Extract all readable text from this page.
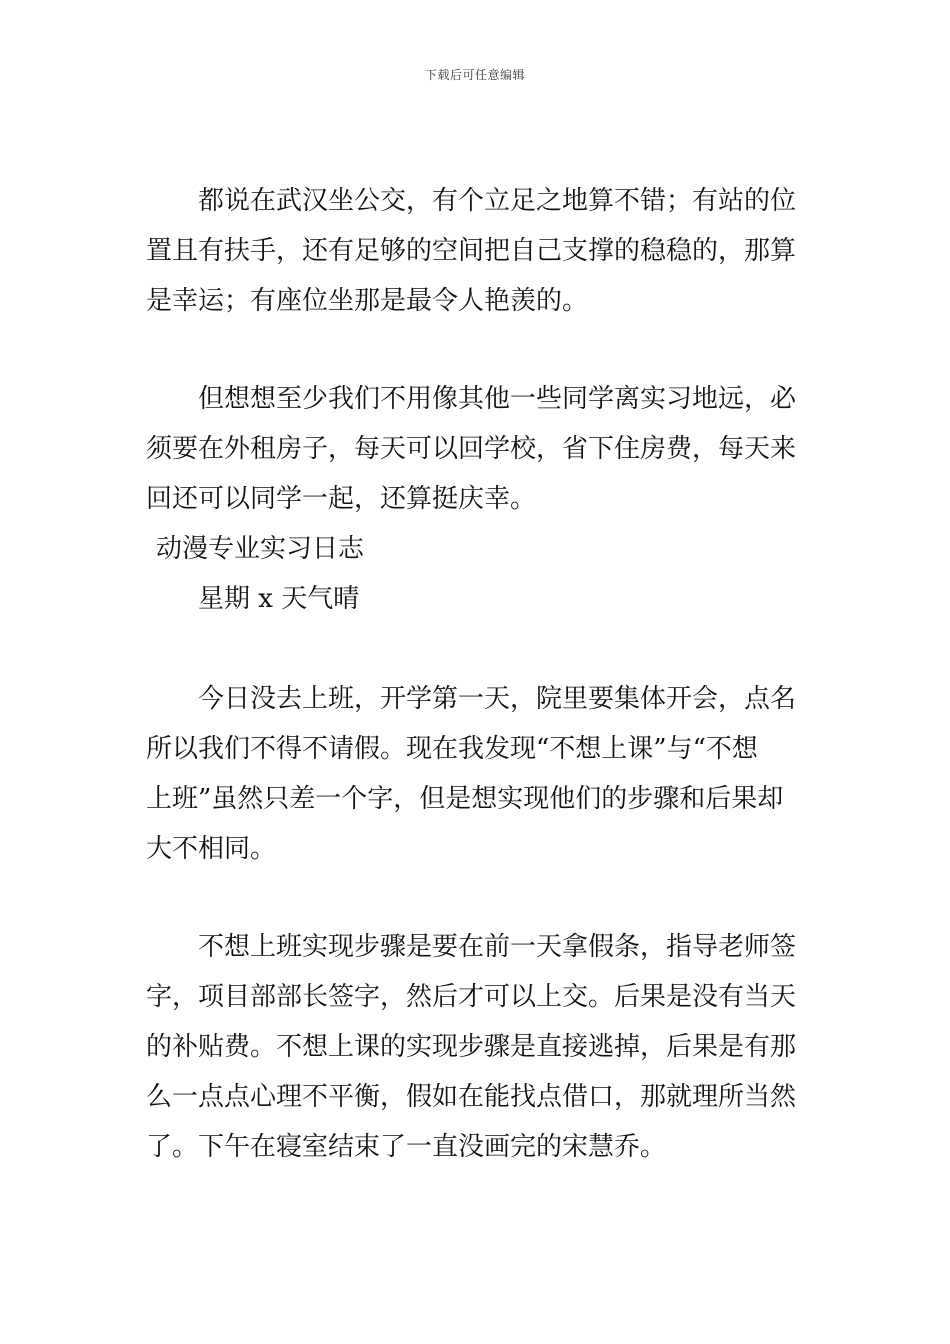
下载后可任意编辑
都说在武汉坐公交，有个立足之地算不错；有站的位
置且有扶手，还有足够的空间把自己支撑的稳稳的，那算
是幸运；有座位坐那是最令人艳羡的。
但想想至少我们不用像其他一些同学离实习地远，必
须要在外租房子，每天可以回学校，省下住房费，每天来
回还可以同学一起，还算挺庆幸。
动漫专业实习日志
星期 x 天气晴
今日没去上班，开学第一天，院里要集体开会，点名
所以我们不得不请假。现在我发现“不想上课”与“不想
上班”虽然只差一个字，但是想实现他们的步骤和后果却
大不相同。
不想上班实现步骤是要在前一天拿假条，指导老师签
字，项目部部长签字，然后才可以上交。后果是没有当天
的补贴费。不想上课的实现步骤是直接逃掉，后果是有那
么一点点心理不平衡，假如在能找点借口，那就理所当然
了。下午在寝室结束了一直没画完的宋慧乔。
